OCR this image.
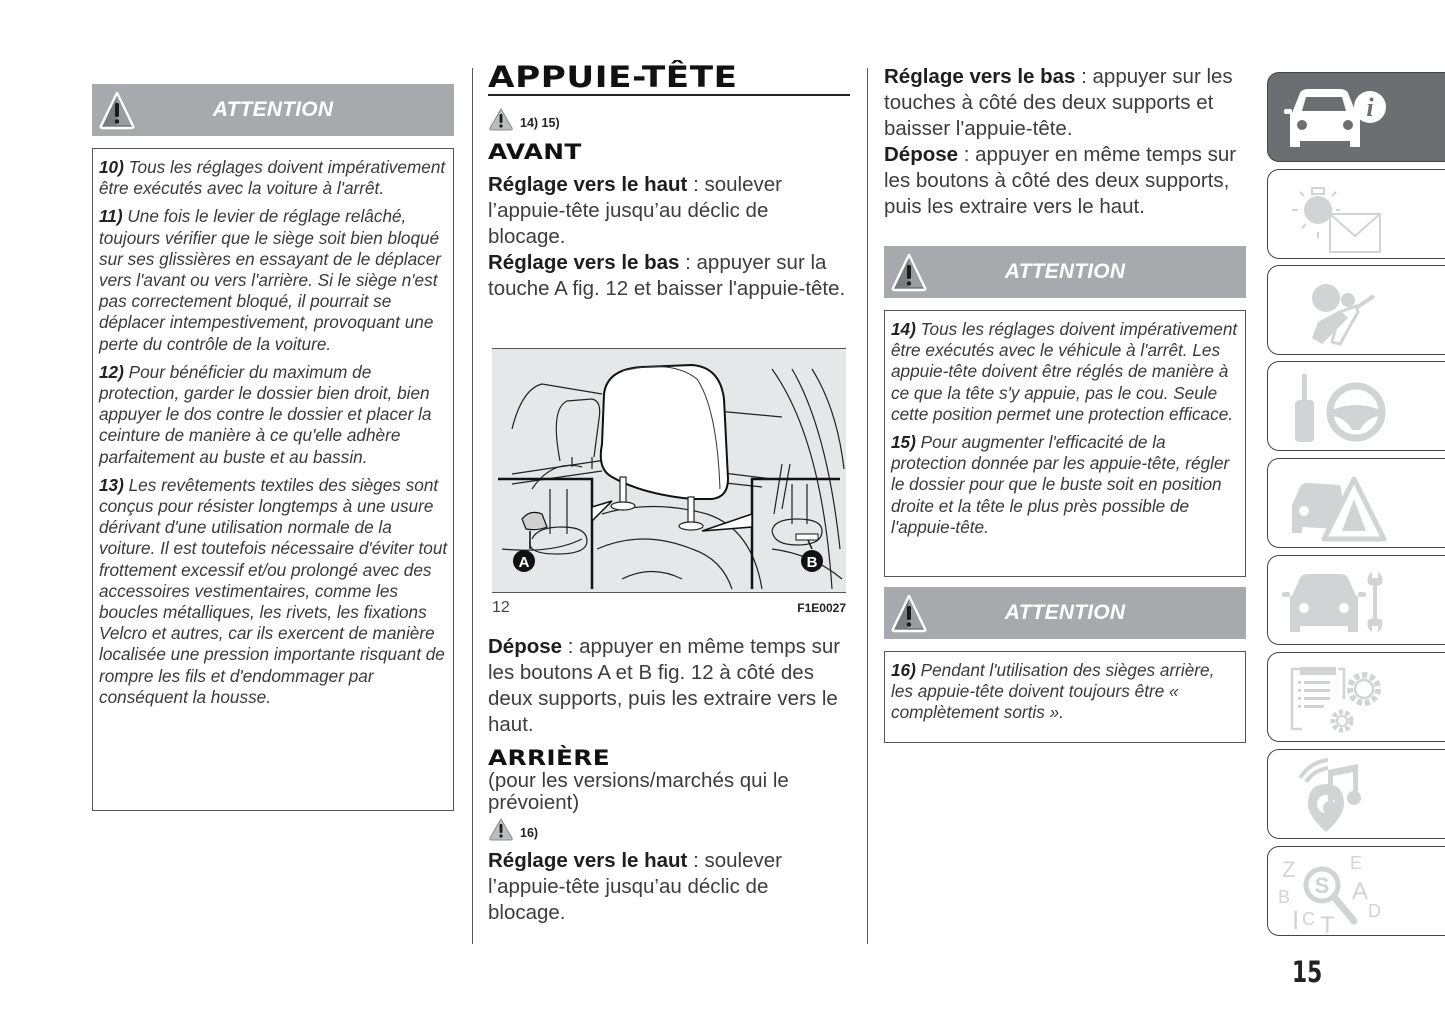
ATTENTION

10) Tous les réglages doivent impérativement être exécutés avec la voiture à l'arrêt.

11) Une fois le levier de réglage relâché, toujours vérifier que le siège soit bien bloqué sur ses glissières en essayant de le déplacer vers l'avant ou vers l'arrière. Si le siège n'est pas correctement bloqué, il pourrait se déplacer intempestivement, provoquant une perte du contrôle de la voiture.

12) Pour bénéficier du maximum de protection, garder le dossier bien droit, bien appuyer le dos contre le dossier et placer la ceinture de manière à ce qu'elle adhère parfaitement au buste et au bassin.

13) Les revêtements textiles des sièges sont conçus pour résister longtemps à une usure dérivant d'une utilisation normale de la voiture. Il est toutefois nécessaire d'éviter tout frottement excessif et/ou prolongé avec des accessoires vestimentaires, comme les boucles métalliques, les rivets, les fixations Velcro et autres, car ils exercent de manière localisée une pression importante risquant de rompre les fils et d'endommager par conséquent la housse.

APPUIE-TÊTE
14) 15)
AVANT
Réglage vers le haut : soulever l’appuie-tête jusqu’au déclic de blocage.
Réglage vers le bas : appuyer sur la touche A fig. 12 et baisser l'appuie-tête.
A	B
12	F1E0027
Dépose : appuyer en même temps sur les boutons A et B fig. 12 à côté des deux supports, puis les extraire vers le haut.
ARRIÈRE
(pour les versions/marchés qui le prévoient)
16)
Réglage vers le haut : soulever l’appuie-tête jusqu’au déclic de blocage.
Réglage vers le bas : appuyer sur les touches à côté des deux supports et baisser l'appuie-tête.
Dépose : appuyer en même temps sur les boutons à côté des deux supports, puis les extraire vers le haut.
ATTENTION

14) Tous les réglages doivent impérativement être exécutés avec le véhicule à l'arrêt. Les appuie-tête doivent être réglés de manière à ce que la tête s'y appuie, pas le cou. Seule cette position permet une protection efficace.

15) Pour augmenter l'efficacité de la protection donnée par les appuie-tête, régler le dossier pour que le buste soit en position droite et la tête le plus près possible de l'appuie-tête.

ATTENTION

16) Pendant l'utilisation des sièges arrière, les appuie-tête doivent toujours être « complètement sortis ».

i
Z	E
B	A
D
I C T
S
15
